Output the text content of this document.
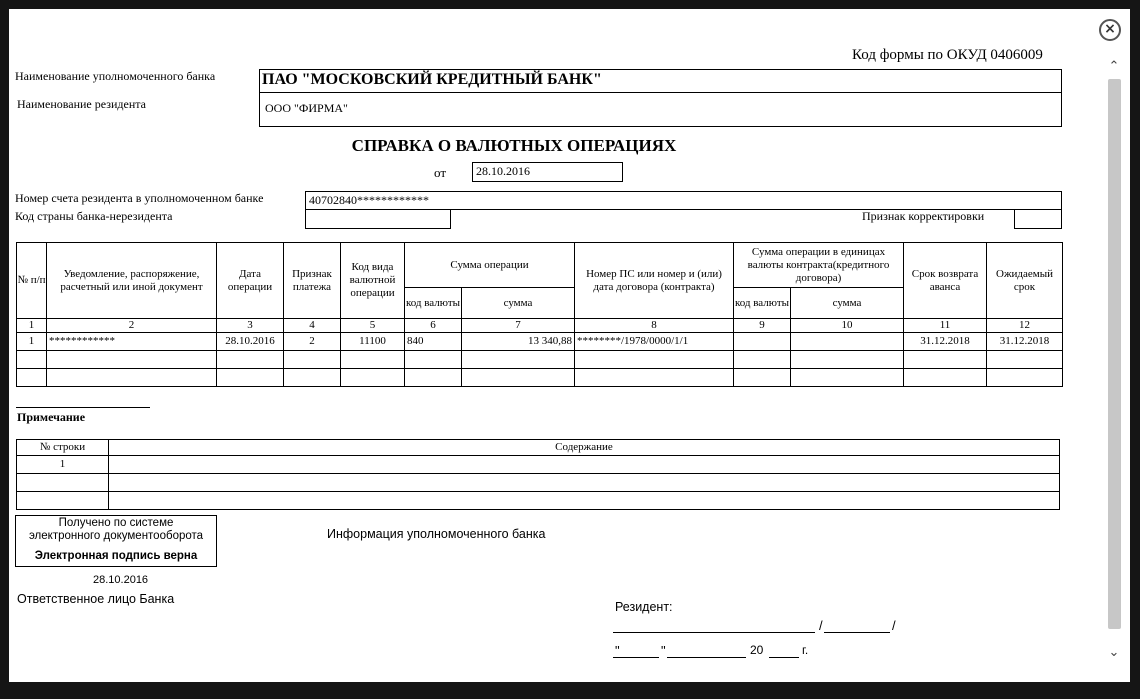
Код формы по ОКУД 0406009
Наименование уполномоченного банка
Наименование резидента
ПАО "МОСКОВСКИЙ КРЕДИТНЫЙ БАНК"
ООО "ФИРМА"
СПРАВКА О ВАЛЮТНЫХ ОПЕРАЦИЯХ
от	28.10.2016
Номер счета резидента в уполномоченном банке	40702840************
Код страны банка-нерезидента	Признак корректировки
№ п/п	Уведомление, распоряжение, расчетный или иной документ	Дата операции	Признак платежа	Код вида валютной операции	Сумма операции		Номер ПС или номер и (или) дата договора (контракта)	Сумма операции в единицах валюты контракта(кредитного договора)		Срок возврата аванса	Ожидаемый срок
					код валюты	сумма		код валюты	сумма		
1	2	3	4	5	6	7	8	9	10	11	12
1	************	28.10.2016	2	11100	840	13 340,88	********/1978/0000/1/1			31.12.2018	31.12.2018

Примечание
№ строки	Содержание
1	

Получено по системе
электронного документооборота
Электронная подпись верна
28.10.2016
Ответственное лицо Банка
Информация уполномоченного банка
Резидент:
/	/
"	"	20	г.
×
⌃
⌄
